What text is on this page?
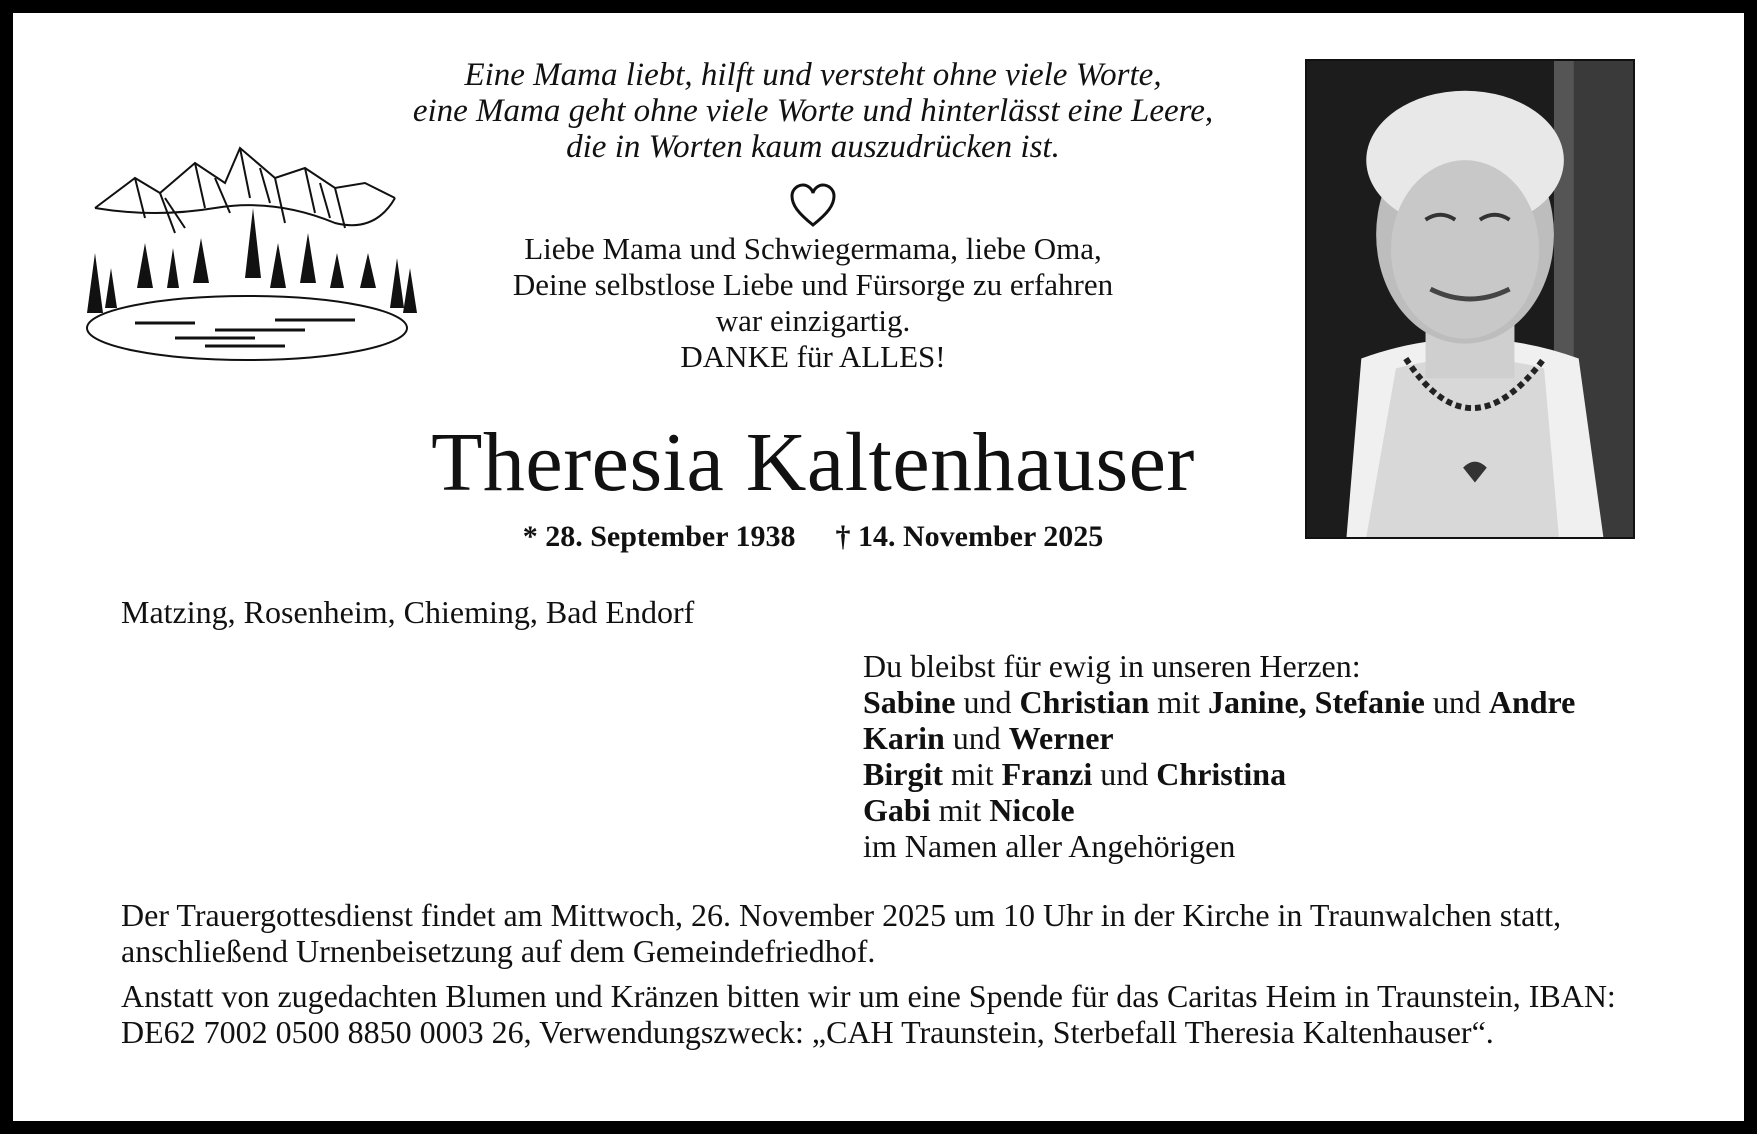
Eine Mama liebt, hilft und versteht ohne viele Worte,
eine Mama geht ohne viele Worte und hinterlässt eine Leere,
die in Worten kaum auszudrücken ist.
Liebe Mama und Schwiegermama, liebe Oma,
Deine selbstlose Liebe und Fürsorge zu erfahren
war einzigartig.
DANKE für ALLES!
Theresia Kaltenhauser
* 28. September 1938 † 14. November 2025
Matzing, Rosenheim, Chieming, Bad Endorf
Du bleibst für ewig in unseren Herzen:
Sabine und Christian mit Janine, Stefanie und Andre
Karin und Werner
Birgit mit Franzi und Christina
Gabi mit Nicole
im Namen aller Angehörigen
Der Trauergottesdienst findet am Mittwoch, 26. November 2025 um 10 Uhr in der Kirche in Traunwalchen statt, anschließend Urnenbeisetzung auf dem Gemeindefriedhof.
Anstatt von zugedachten Blumen und Kränzen bitten wir um eine Spende für das Caritas Heim in Traunstein, IBAN: DE62 7002 0500 8850 0003 26, Verwendungszweck: „CAH Traunstein, Sterbefall Theresia Kaltenhauser“.
